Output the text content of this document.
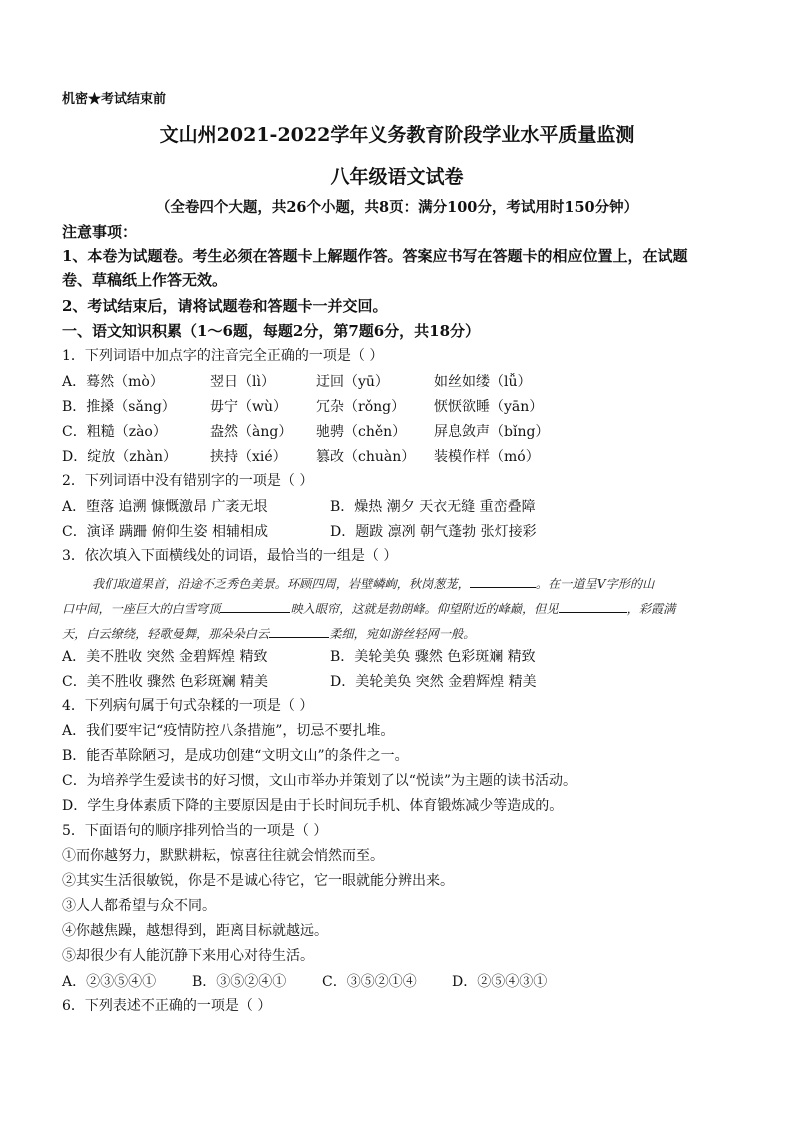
机密★考试结束前
文山州2021-2022学年义务教育阶段学业水平质量监测
八年级语文试卷
（全卷四个大题，共26个小题，共8页：满分100分，考试用时150分钟）
注意事项：
1、本卷为试题卷。考生必须在答题卡上解题作答。答案应书写在答题卡的相应位置上，在试题
卷、草稿纸上作答无效。
2、考试结束后，请将试题卷和答题卡一并交回。
一、语文知识积累（1～6题，每题2分，第7题6分，共18分）
1．下列词语中加点字的注音完全正确的一项是（ ）
A．蓦然（mò）	翌日（lì）	迂回（yū）	如丝如缕（lǚ）
B．推搡（sǎng） 毋宁（wù） 冗杂（rǒng） 恹恹欲睡（yān）
C．粗糙（zào）	盎然（àng） 驰骋（chěn） 屏息敛声（bǐng）
D．绽放（zhàn） 挟持（xié） 篡改（chuàn） 装模作样（mó）
2．下列词语中没有错别字的一项是（ ）
A．堕落 追溯 慷慨激昂 广袤无垠	B．燥热 潮夕 天衣无缝 重峦叠障
C．演译 蹒跚 俯仰生姿 相辅相成	D．题跋 凛冽 朝气蓬勃 张灯接彩
3．依次填入下面横线处的词语，最恰当的一组是（ ）
我们取道果首，沿途不乏秀色美景。环顾四周，岩壁嶙峋，秋岗葱茏，	。在一道呈V字形的山
口中间，一座巨大的白雪穹顶	映入眼帘，这就是勃朗峰。仰望附近的峰巅，但见	，彩霞满
天，白云缭绕，轻歌曼舞，那朵朵白云	柔细，宛如游丝轻网一般。
A．美不胜收 突然 金碧辉煌 精致	B．美轮美奂 骤然 色彩斑斓 精致
C．美不胜收 骤然 色彩斑斓 精美	D．美轮美奂 突然 金碧辉煌 精美
4．下列病句属于句式杂糅的一项是（ ）
A．我们要牢记“疫情防控八条措施”，切忌不要扎堆。
B．能否革除陋习，是成功创建“文明文山”的条件之一。
C．为培养学生爱读书的好习惯，文山市举办并策划了以“悦读”为主题的读书活动。
D．学生身体素质下降的主要原因是由于长时间玩手机、体育锻炼减少等造成的。
5．下面语句的顺序排列恰当的一项是（ ）
①而你越努力，默默耕耘，惊喜往往就会悄然而至。
②其实生活很敏锐，你是不是诚心待它，它一眼就能分辨出来。
③人人都希望与众不同。
④你越焦躁，越想得到，距离目标就越远。
⑤却很少有人能沉静下来用心对待生活。
A．②③⑤④①	B．③⑤②④①	C．③⑤②①④	D．②⑤④③①
6．下列表述不正确的一项是（ ）
